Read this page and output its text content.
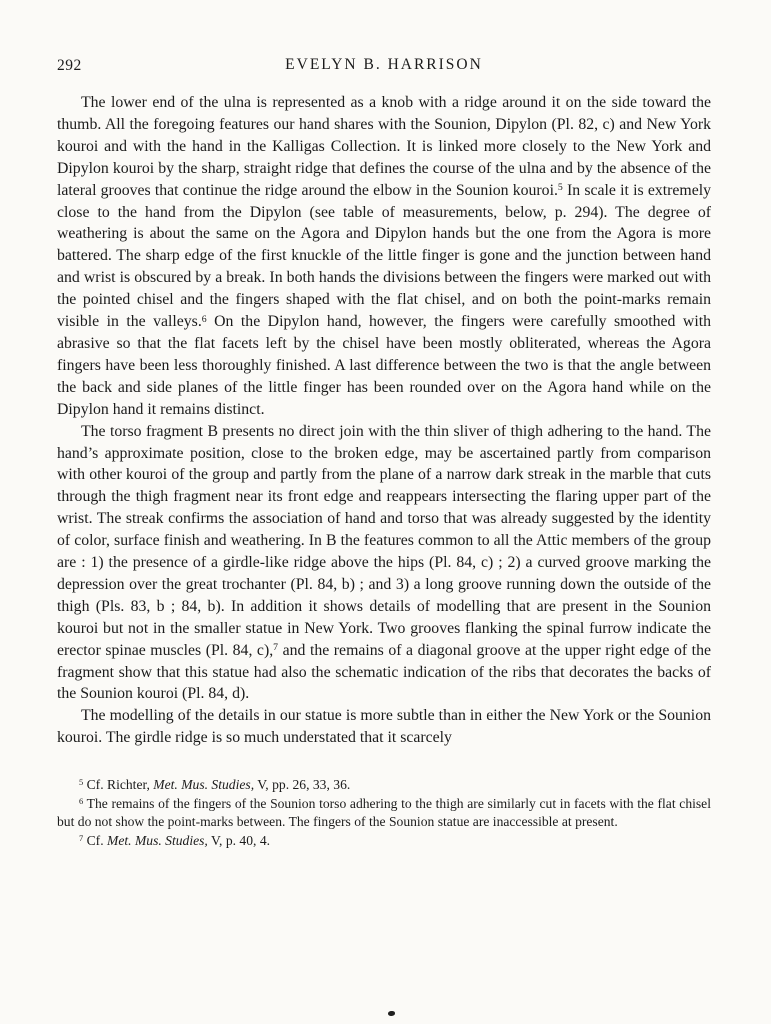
292	EVELYN B. HARRISON

The lower end of the ulna is represented as a knob with a ridge around it on the side toward the thumb. All the foregoing features our hand shares with the Sounion, Dipylon (Pl. 82, c) and New York kouroi and with the hand in the Kalligas Collection. It is linked more closely to the New York and Dipylon kouroi by the sharp, straight ridge that defines the course of the ulna and by the absence of the lateral grooves that continue the ridge around the elbow in the Sounion kouroi.$^5$ In scale it is extremely close to the hand from the Dipylon (see table of measurements, below, p. 294). The degree of weathering is about the same on the Agora and Dipylon hands but the one from the Agora is more battered. The sharp edge of the first knuckle of the little finger is gone and the junction between hand and wrist is obscured by a break. In both hands the divisions between the fingers were marked out with the pointed chisel and the fingers shaped with the flat chisel, and on both the point-marks remain visible in the valleys.$^6$ On the Dipylon hand, however, the fingers were carefully smoothed with abrasive so that the flat facets left by the chisel have been mostly obliterated, whereas the Agora fingers have been less thoroughly finished. A last difference between the two is that the angle between the back and side planes of the little finger has been rounded over on the Agora hand while on the Dipylon hand it remains distinct.

The torso fragment B presents no direct join with the thin sliver of thigh adhering to the hand. The hand’s approximate position, close to the broken edge, may be ascertained partly from comparison with other kouroi of the group and partly from the plane of a narrow dark streak in the marble that cuts through the thigh fragment near its front edge and reappears intersecting the flaring upper part of the wrist. The streak confirms the association of hand and torso that was already suggested by the identity of color, surface finish and weathering. In B the features common to all the Attic members of the group are : 1) the presence of a girdle-like ridge above the hips (Pl. 84, c) ; 2) a curved groove marking the depression over the great trochanter (Pl. 84, b) ; and 3) a long groove running down the outside of the thigh (Pls. 83, b ; 84, b). In addition it shows details of modelling that are present in the Sounion kouroi but not in the smaller statue in New York. Two grooves flanking the spinal furrow indicate the erector spinae muscles (Pl. 84, c),$^7$ and the remains of a diagonal groove at the upper right edge of the fragment show that this statue had also the schematic indication of the ribs that decorates the backs of the Sounion kouroi (Pl. 84, d).

The modelling of the details in our statue is more subtle than in either the New York or the Sounion kouroi. The girdle ridge is so much understated that it scarcely

$^5$ Cf. Richter, Met. Mus. Studies, V, pp. 26, 33, 36.

$^6$ The remains of the fingers of the Sounion torso adhering to the thigh are similarly cut in facets with the flat chisel but do not show the point-marks between. The fingers of the Sounion statue are inaccessible at present.

$^7$ Cf. Met. Mus. Studies, V, p. 40, 4.
